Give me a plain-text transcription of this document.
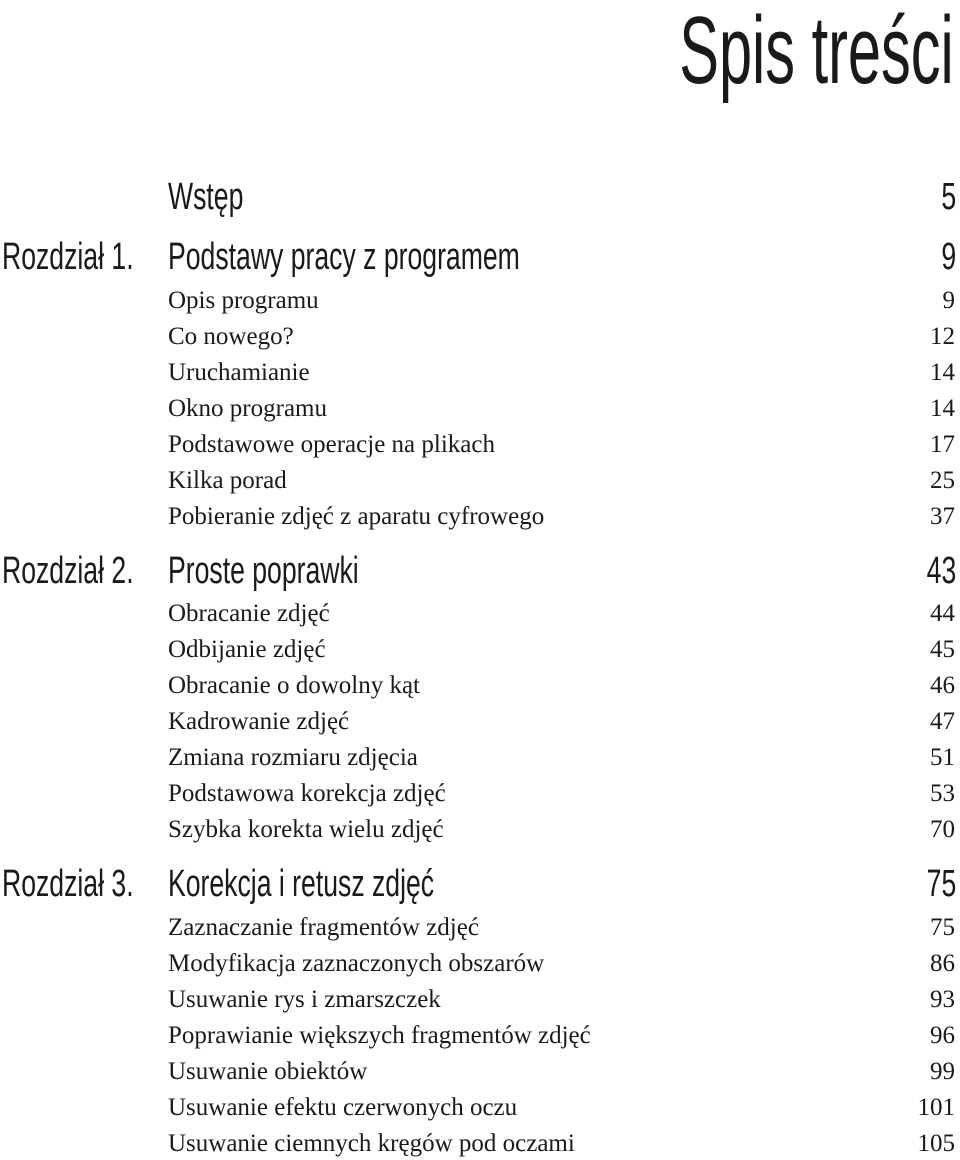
Spis treści
Wstęp	5
Rozdział 1. Podstawy pracy z programem	9
Opis programu	9
Co nowego?	12
Uruchamianie	14
Okno programu	14
Podstawowe operacje na plikach	17
Kilka porad	25
Pobieranie zdjęć z aparatu cyfrowego	37
Rozdział 2. Proste poprawki	43
Obracanie zdjęć	44
Odbijanie zdjęć	45
Obracanie o dowolny kąt	46
Kadrowanie zdjęć	47
Zmiana rozmiaru zdjęcia	51
Podstawowa korekcja zdjęć	53
Szybka korekta wielu zdjęć	70
Rozdział 3. Korekcja i retusz zdjęć	75
Zaznaczanie fragmentów zdjęć	75
Modyfikacja zaznaczonych obszarów	86
Usuwanie rys i zmarszczek	93
Poprawianie większych fragmentów zdjęć	96
Usuwanie obiektów	99
Usuwanie efektu czerwonych oczu	101
Usuwanie ciemnych kręgów pod oczami	105
